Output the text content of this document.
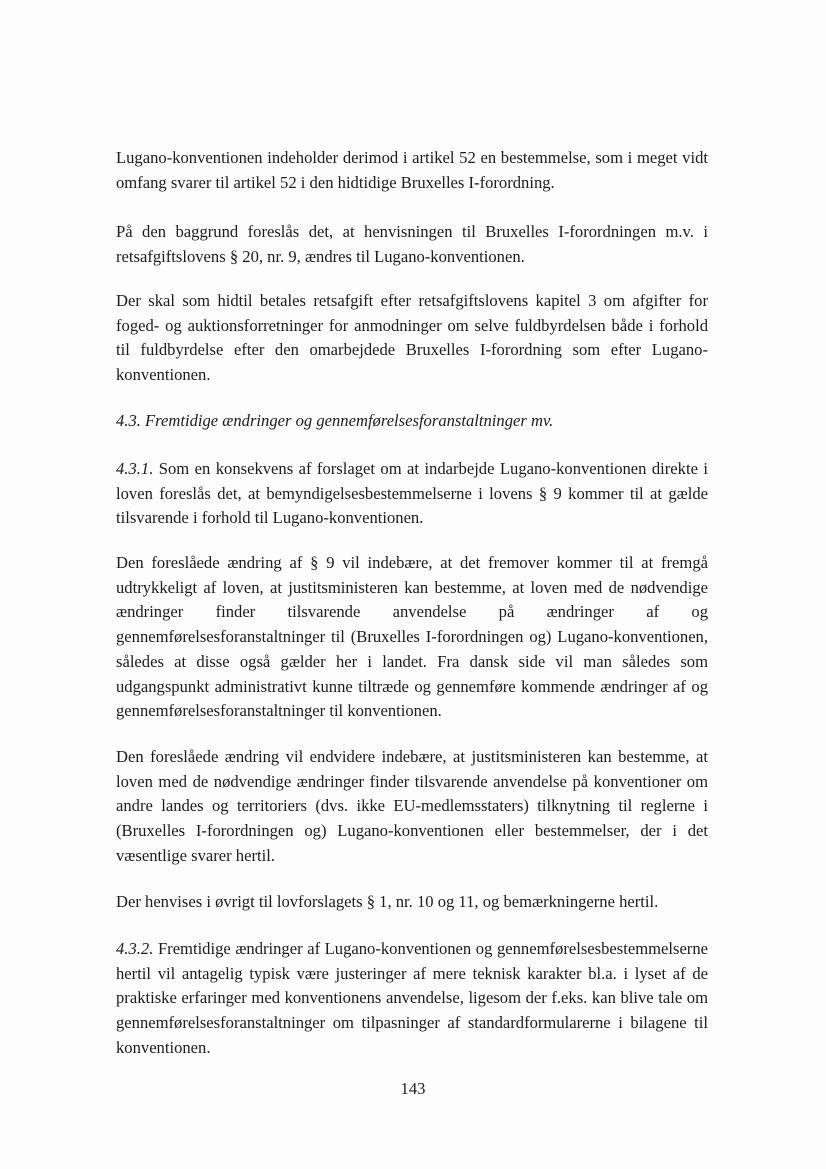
Lugano-konventionen indeholder derimod i artikel 52 en bestemmelse, som i meget vidt omfang svarer til artikel 52 i den hidtidige Bruxelles I-forordning.

På den baggrund foreslås det, at henvisningen til Bruxelles I-forordningen m.v. i retsafgiftslovens § 20, nr. 9, ændres til Lugano-konventionen.

Der skal som hidtil betales retsafgift efter retsafgiftslovens kapitel 3 om afgifter for foged- og auktionsforretninger for anmodninger om selve fuldbyrdelsen både i forhold til fuldbyrdelse efter den omarbejdede Bruxelles I-forordning som efter Lugano-konventionen.

4.3. Fremtidige ændringer og gennemførelsesforanstaltninger mv.

4.3.1. Som en konsekvens af forslaget om at indarbejde Lugano-konventionen direkte i loven foreslås det, at bemyndigelsesbestemmelserne i lovens § 9 kommer til at gælde tilsvarende i forhold til Lugano-konventionen.

Den foreslåede ændring af § 9 vil indebære, at det fremover kommer til at fremgå udtrykkeligt af loven, at justitsministeren kan bestemme, at loven med de nødvendige ændringer finder tilsvarende anvendelse på ændringer af og gennemførelsesforanstaltninger til (Bruxelles I-forordningen og) Lugano-konventionen, således at disse også gælder her i landet. Fra dansk side vil man således som udgangspunkt administrativt kunne tiltræde og gennemføre kommende ændringer af og gennemførelsesforanstaltninger til konventionen.

Den foreslåede ændring vil endvidere indebære, at justitsministeren kan bestemme, at loven med de nødvendige ændringer finder tilsvarende anvendelse på konventioner om andre landes og territoriers (dvs. ikke EU-medlemsstaters) tilknytning til reglerne i (Bruxelles I-forordningen og) Lugano-konventionen eller bestemmelser, der i det væsentlige svarer hertil.

Der henvises i øvrigt til lovforslagets § 1, nr. 10 og 11, og bemærkningerne hertil.

4.3.2. Fremtidige ændringer af Lugano-konventionen og gennemførelsesbestemmelserne hertil vil antagelig typisk være justeringer af mere teknisk karakter bl.a. i lyset af de praktiske erfaringer med konventionens anvendelse, ligesom der f.eks. kan blive tale om gennemførelsesforanstaltninger om tilpasninger af standardformularerne i bilagene til konventionen.

143
